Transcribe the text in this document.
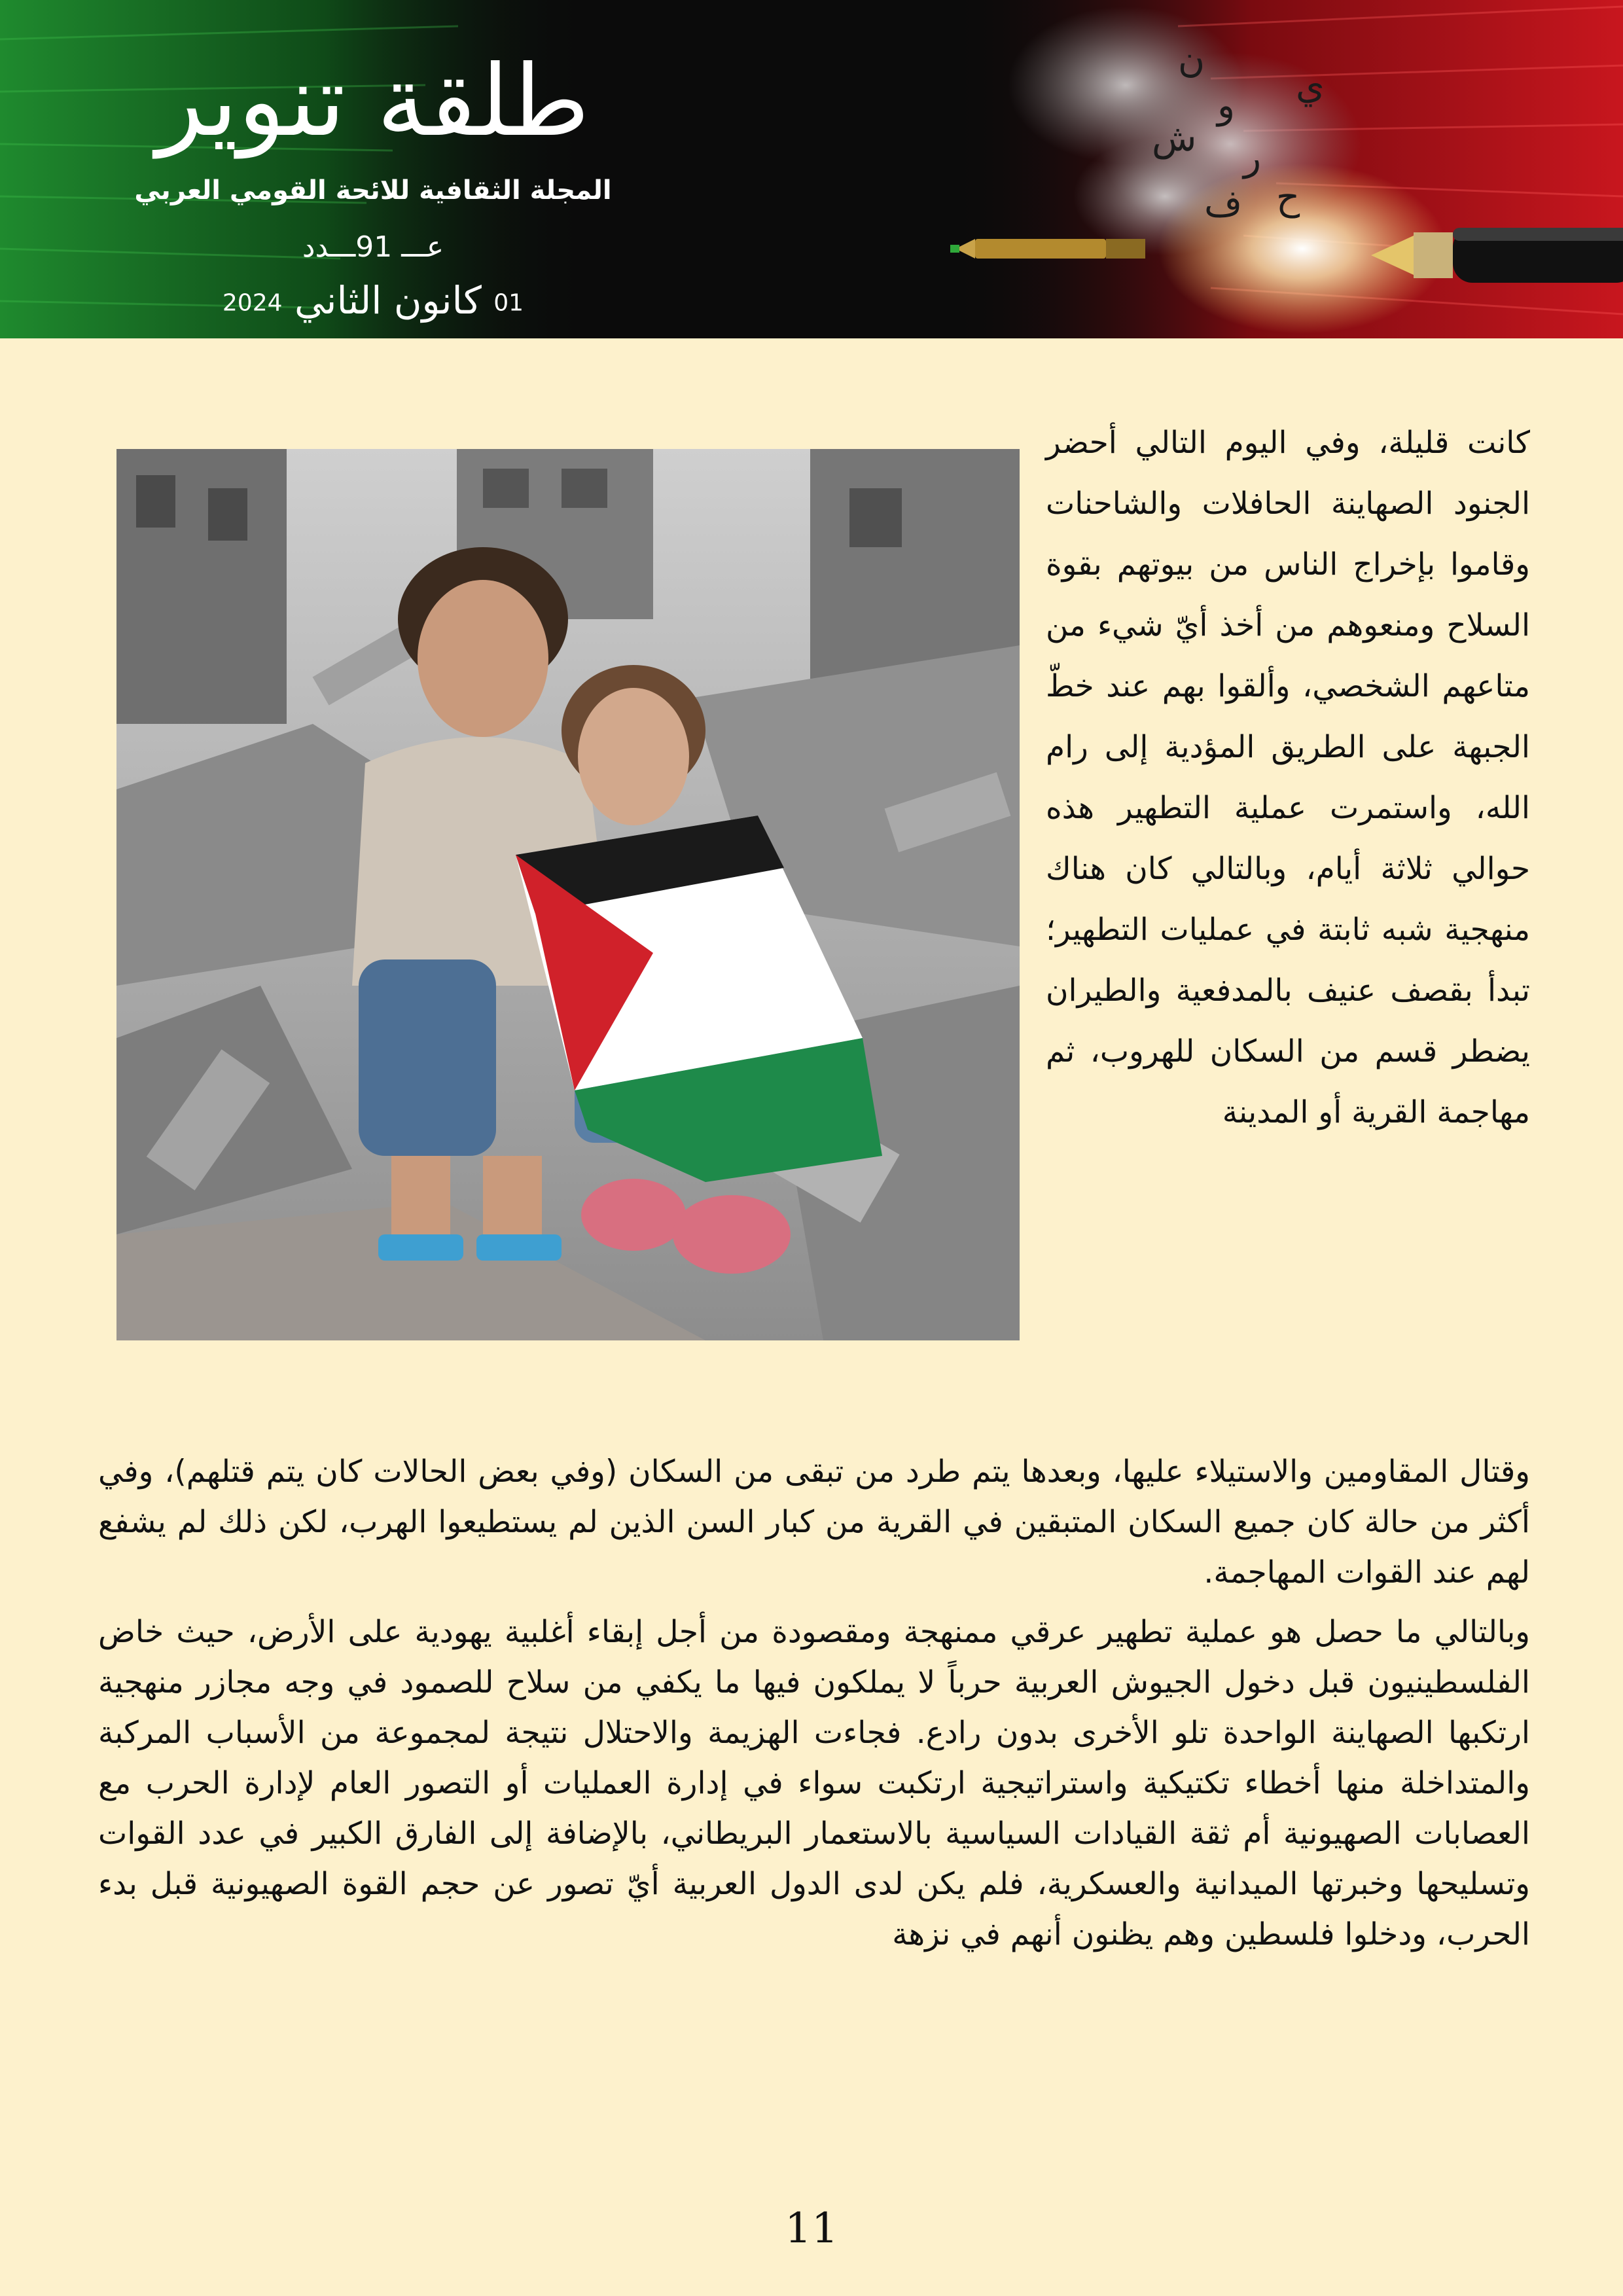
ن
و
ش ر
ح
ف
ي
طلقة تنوير
المجلة الثقافية للائحة القومي العربي
عـــ 91ـــدد
01 كانون الثاني 2024

كانت قليلة، وفي اليوم التالي أحضر الجنود الصهاينة الحافلات والشاحنات وقاموا بإخراج الناس من بيوتهم بقوة السلاح ومنعوهم من أخذ أيّ شيء من متاعهم الشخصي، وألقوا بهم عند خطّ الجبهة على الطريق المؤدية إلى رام الله، واستمرت عملية التطهير هذه حوالي ثلاثة أيام، وبالتالي كان هناك منهجية شبه ثابتة في عمليات التطهير؛ تبدأ بقصف عنيف بالمدفعية والطيران يضطر قسم من السكان للهروب، ثم مهاجمة القرية أو المدينة

وقتال المقاومين والاستيلاء عليها، وبعدها يتم طرد من تبقى من السكان (وفي بعض الحالات كان يتم قتلهم)، وفي أكثر من حالة كان جميع السكان المتبقين في القرية من كبار السن الذين لم يستطيعوا الهرب، لكن ذلك لم يشفع لهم عند القوات المهاجمة.

وبالتالي ما حصل هو عملية تطهير عرقي ممنهجة ومقصودة من أجل إبقاء أغلبية يهودية على الأرض، حيث خاض الفلسطينيون قبل دخول الجيوش العربية حرباً لا يملكون فيها ما يكفي من سلاح للصمود في وجه مجازر منهجية ارتكبها الصهاينة الواحدة تلو الأخرى بدون رادع. فجاءت الهزيمة والاحتلال نتيجة لمجموعة من الأسباب المركبة والمتداخلة منها أخطاء تكتيكية واستراتيجية ارتكبت سواء في إدارة العمليات أو التصور العام لإدارة الحرب مع العصابات الصهيونية أم ثقة القيادات السياسية بالاستعمار البريطاني، بالإضافة إلى الفارق الكبير في عدد القوات وتسليحها وخبرتها الميدانية والعسكرية، فلم يكن لدى الدول العربية أيّ تصور عن حجم القوة الصهيونية قبل بدء الحرب، ودخلوا فلسطين وهم يظنون أنهم في نزهة

11
